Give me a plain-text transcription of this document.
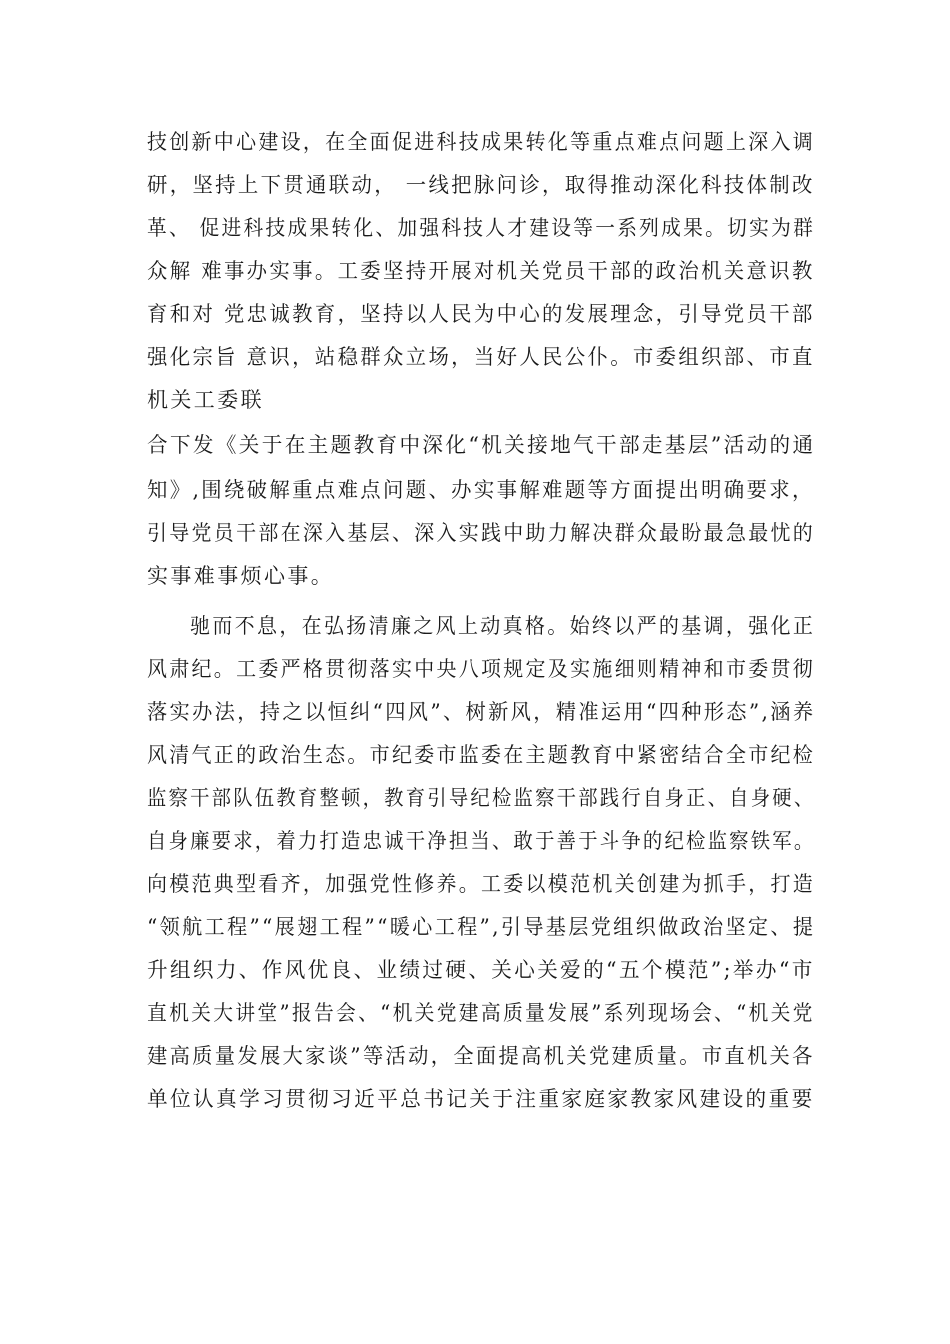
技创新中心建设，在全面促进科技成果转化等重点难点问题上深入调
研，坚持上下贯通联动， 一线把脉问诊，取得推动深化科技体制改
革、 促进科技成果转化、加强科技人才建设等一系列成果。切实为群
众解 难事办实事。工委坚持开展对机关党员干部的政治机关意识教
育和对 党忠诚教育，坚持以人民为中心的发展理念，引导党员干部
强化宗旨 意识，站稳群众立场，当好人民公仆。市委组织部、市直
机关工委联
合下发《关于在主题教育中深化“机关接地气干部走基层”活动的通
知》,围绕破解重点难点问题、办实事解难题等方面提出明确要求，
引导党员干部在深入基层、深入实践中助力解决群众最盼最急最忧的
实事难事烦心事。
驰而不息，在弘扬清廉之风上动真格。始终以严的基调，强化正
风肃纪。工委严格贯彻落实中央八项规定及实施细则精神和市委贯彻
落实办法，持之以恒纠“四风”、树新风，精准运用“四种形态”,涵养
风清气正的政治生态。市纪委市监委在主题教育中紧密结合全市纪检
监察干部队伍教育整顿，教育引导纪检监察干部践行自身正、自身硬、
自身廉要求，着力打造忠诚干净担当、敢于善于斗争的纪检监察铁军。
向模范典型看齐，加强党性修养。工委以模范机关创建为抓手，打造
“领航工程”“展翅工程”“暖心工程”,引导基层党组织做政治坚定、提
升组织力、作风优良、业绩过硬、关心关爱的“五个模范”;举办“市
直机关大讲堂”报告会、“机关党建高质量发展”系列现场会、“机关党
建高质量发展大家谈”等活动，全面提高机关党建质量。市直机关各
单位认真学习贯彻习近平总书记关于注重家庭家教家风建设的重要
